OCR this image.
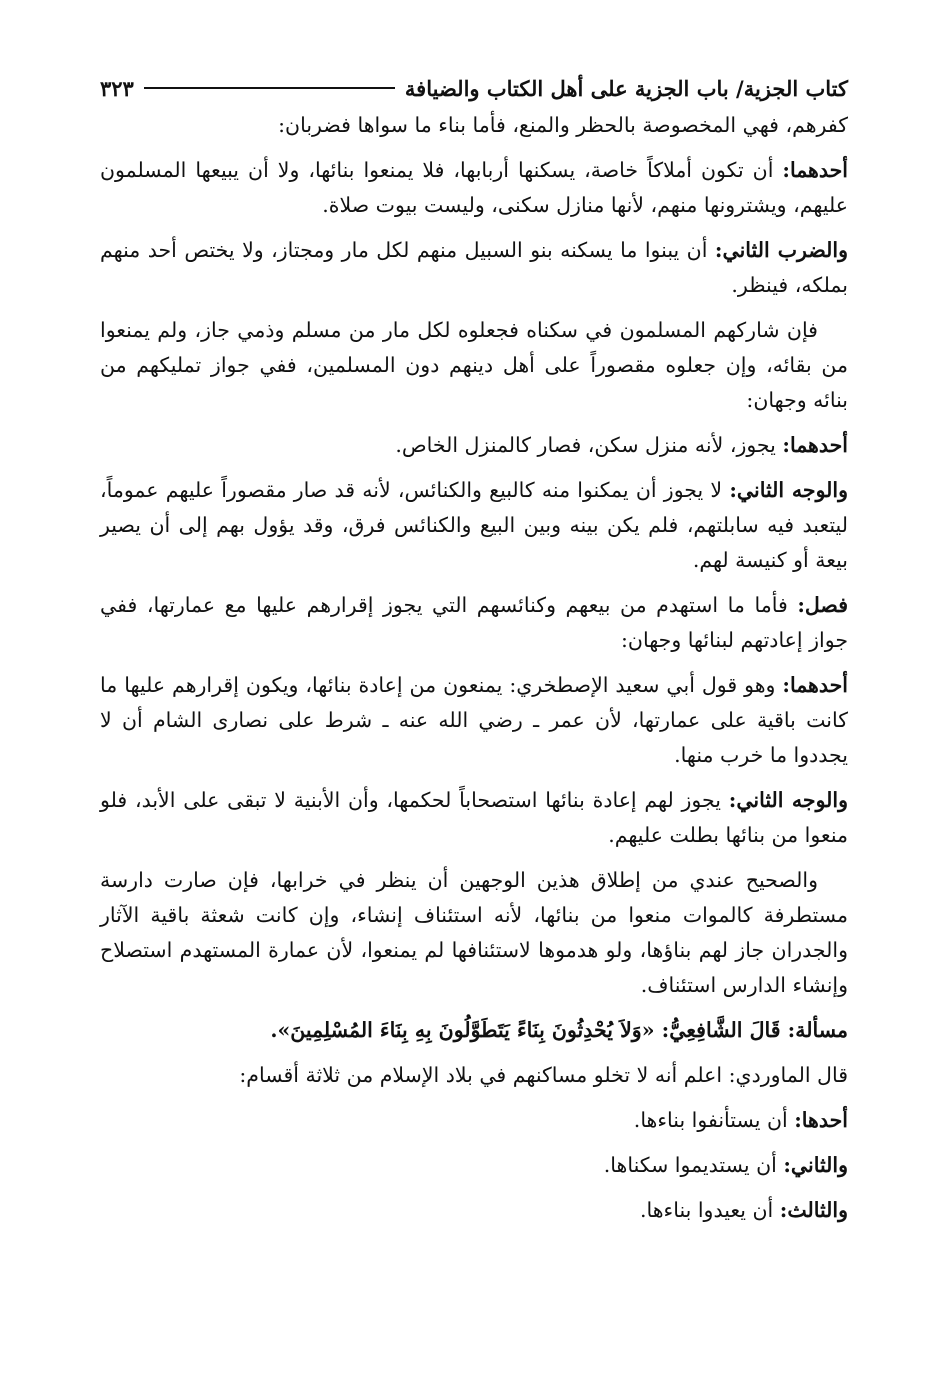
كتاب الجزية/ باب الجزية على أهل الكتاب والضيافة
٣٢٣

كفرهم، فهي المخصوصة بالحظر والمنع، فأما بناء ما سواها فضربان:

أحدهما: أن تكون أملاكاً خاصة، يسكنها أربابها، فلا يمنعوا بنائها، ولا أن يبيعها المسلمون عليهم، ويشترونها منهم، لأنها منازل سكنى، وليست بيوت صلاة.

والضرب الثاني: أن يبنوا ما يسكنه بنو السبيل منهم لكل مار ومجتاز، ولا يختص أحد منهم بملكه، فينظر.

فإن شاركهم المسلمون في سكناه فجعلوه لكل مار من مسلم وذمي جاز، ولم يمنعوا من بقائه، وإن جعلوه مقصوراً على أهل دينهم دون المسلمين، ففي جواز تمليكهم من بنائه وجهان:

أحدهما: يجوز، لأنه منزل سكن، فصار كالمنزل الخاص.

والوجه الثاني: لا يجوز أن يمكنوا منه كالبيع والكنائس، لأنه قد صار مقصوراً عليهم عموماً، ليتعبد فيه سابلتهم، فلم يكن بينه وبين البيع والكنائس فرق، وقد يؤول بهم إلى أن يصير بيعة أو كنيسة لهم.

فصل: فأما ما استهدم من بيعهم وكنائسهم التي يجوز إقرارهم عليها مع عمارتها، ففي جواز إعادتهم لبنائها وجهان:

أحدهما: وهو قول أبي سعيد الإصطخري: يمنعون من إعادة بنائها، ويكون إقرارهم عليها ما كانت باقية على عمارتها، لأن عمر ـ رضي الله عنه ـ شرط على نصارى الشام أن لا يجددوا ما خرب منها.

والوجه الثاني: يجوز لهم إعادة بنائها استصحاباً لحكمها، وأن الأبنية لا تبقى على الأبد، فلو منعوا من بنائها بطلت عليهم.

والصحيح عندي من إطلاق هذين الوجهين أن ينظر في خرابها، فإن صارت دارسة مستطرفة كالموات منعوا من بنائها، لأنه استئناف إنشاء، وإن كانت شعثة باقية الآثار والجدران جاز لهم بناؤها، ولو هدموها لاستئنافها لم يمنعوا، لأن عمارة المستهدم استصلاح وإنشاء الدارس استئناف.

مسألة: قَالَ الشَّافِعِيُّ: «وَلاَ يُحْدِثُونَ بِنَاءً يَتَطَوَّلُونَ بِهِ بِنَاءَ المُسْلِمِينَ».

قال الماوردي: اعلم أنه لا تخلو مساكنهم في بلاد الإسلام من ثلاثة أقسام:

أحدها: أن يستأنفوا بناءها.

والثاني: أن يستديموا سكناها.

والثالث: أن يعيدوا بناءها.
